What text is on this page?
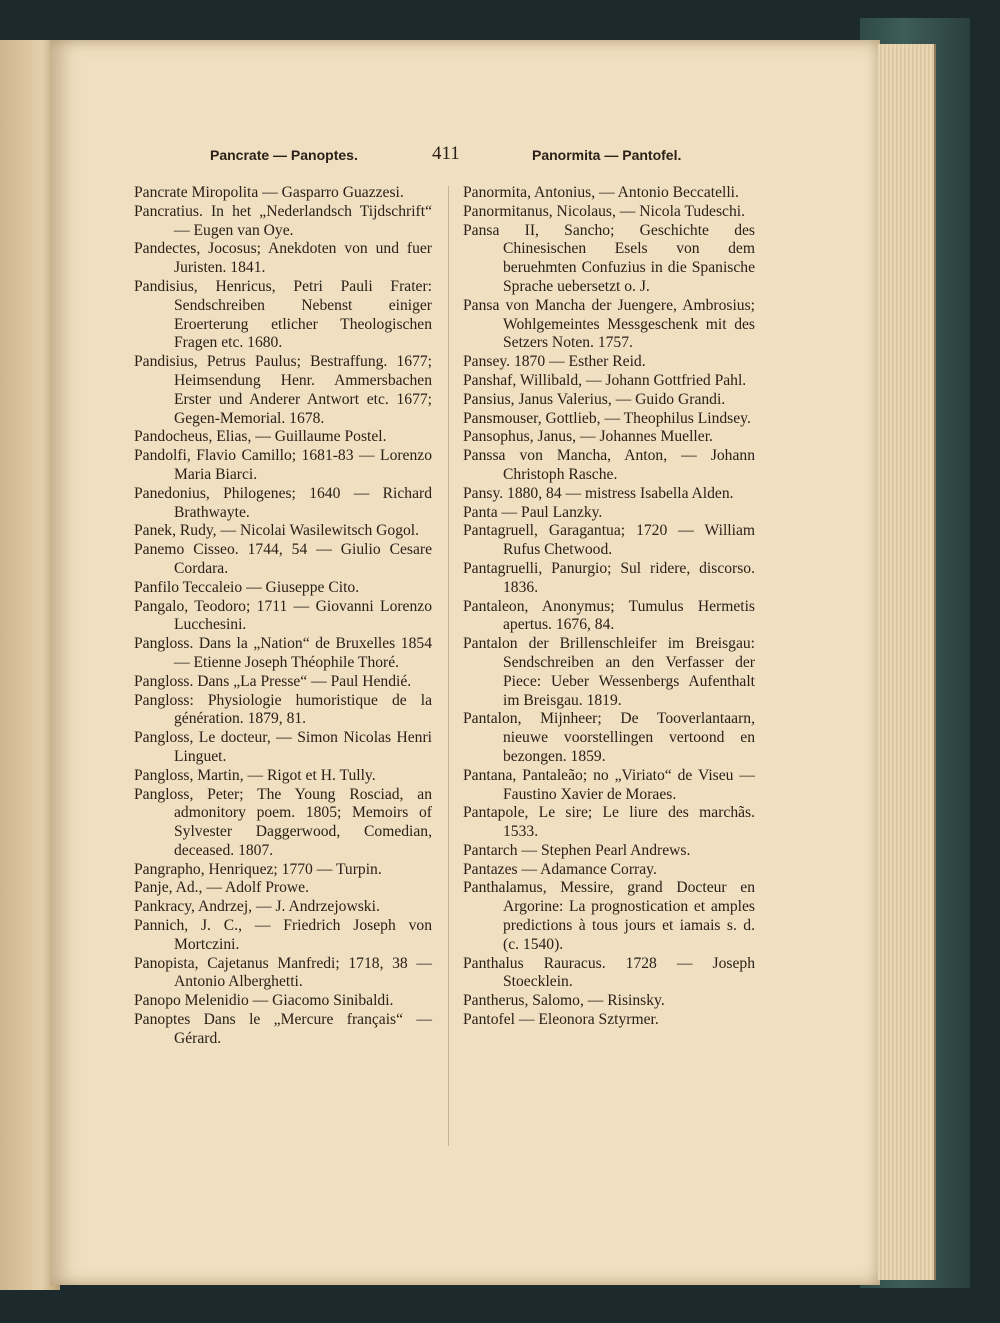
Pancrate — Panoptes.	411	Panormita — Pantofel.
Pancrate Miropolita — Gasparro Guazzesi.
Pancratius. In het „Nederlandsch Tijdschrift“ — Eugen van Oye.
Pandectes, Jocosus; Anekdoten von und fuer Juristen. 1841.
Pandisius, Henricus, Petri Pauli Frater: Sendschreiben Nebenst einiger Eroerterung etlicher Theologischen Fragen etc. 1680.
Pandisius, Petrus Paulus; Bestraffung. 1677; Heimsendung Henr. Ammersbachen Erster und Anderer Antwort etc. 1677; Gegen-Memorial. 1678.
Pandocheus, Elias, — Guillaume Postel.
Pandolfi, Flavio Camillo; 1681-83 — Lorenzo Maria Biarci.
Panedonius, Philogenes; 1640 — Richard Brathwayte.
Panek, Rudy, — Nicolai Wasilewitsch Gogol.
Panemo Cisseo. 1744, 54 — Giulio Cesare Cordara.
Panfilo Teccaleio — Giuseppe Cito.
Pangalo, Teodoro; 1711 — Giovanni Lorenzo Lucchesini.
Pangloss. Dans la „Nation“ de Bruxelles 1854 — Etienne Joseph Théophile Thoré.
Pangloss. Dans „La Presse“ — Paul Hendié.
Pangloss: Physiologie humoristique de la génération. 1879, 81.
Pangloss, Le docteur, — Simon Nicolas Henri Linguet.
Pangloss, Martin, — Rigot et H. Tully.
Pangloss, Peter; The Young Rosciad, an admonitory poem. 1805; Memoirs of Sylvester Daggerwood, Comedian, deceased. 1807.
Pangrapho, Henriquez; 1770 — Turpin.
Panje, Ad., — Adolf Prowe.
Pankracy, Andrzej, — J. Andrzejowski.
Pannich, J. C., — Friedrich Joseph von Mortczini.
Panopista, Cajetanus Manfredi; 1718, 38 — Antonio Alberghetti.
Panopo Melenidio — Giacomo Sinibaldi.
Panoptes Dans le „Mercure français“ — Gérard.
Panormita, Antonius, — Antonio Beccatelli.
Panormitanus, Nicolaus, — Nicola Tudeschi.
Pansa II, Sancho; Geschichte des Chinesischen Esels von dem beruehmten Confuzius in die Spanische Sprache uebersetzt o. J.
Pansa von Mancha der Juengere, Ambrosius; Wohlgemeintes Messgeschenk mit des Setzers Noten. 1757.
Pansey. 1870 — Esther Reid.
Panshaf, Willibald, — Johann Gottfried Pahl.
Pansius, Janus Valerius, — Guido Grandi.
Pansmouser, Gottlieb, — Theophilus Lindsey.
Pansophus, Janus, — Johannes Mueller.
Panssa von Mancha, Anton, — Johann Christoph Rasche.
Pansy. 1880, 84 — mistress Isabella Alden.
Panta — Paul Lanzky.
Pantagruell, Garagantua; 1720 — William Rufus Chetwood.
Pantagruelli, Panurgio; Sul ridere, discorso. 1836.
Pantaleon, Anonymus; Tumulus Hermetis apertus. 1676, 84.
Pantalon der Brillenschleifer im Breisgau: Sendschreiben an den Verfasser der Piece: Ueber Wessenbergs Aufenthalt im Breisgau. 1819.
Pantalon, Mijnheer; De Tooverlantaarn, nieuwe voorstellingen vertoond en bezongen. 1859.
Pantana, Pantaleão; no „Viriato“ de Viseu — Faustino Xavier de Moraes.
Pantapole, Le sire; Le liure des marchãs. 1533.
Pantarch — Stephen Pearl Andrews.
Pantazes — Adamance Corray.
Panthalamus, Messire, grand Docteur en Argorine: La prognostication et amples predictions à tous jours et iamais s. d. (c. 1540).
Panthalus Rauracus. 1728 — Joseph Stoecklein.
Pantherus, Salomo, — Risinsky.
Pantofel — Eleonora Sztyrmer.
